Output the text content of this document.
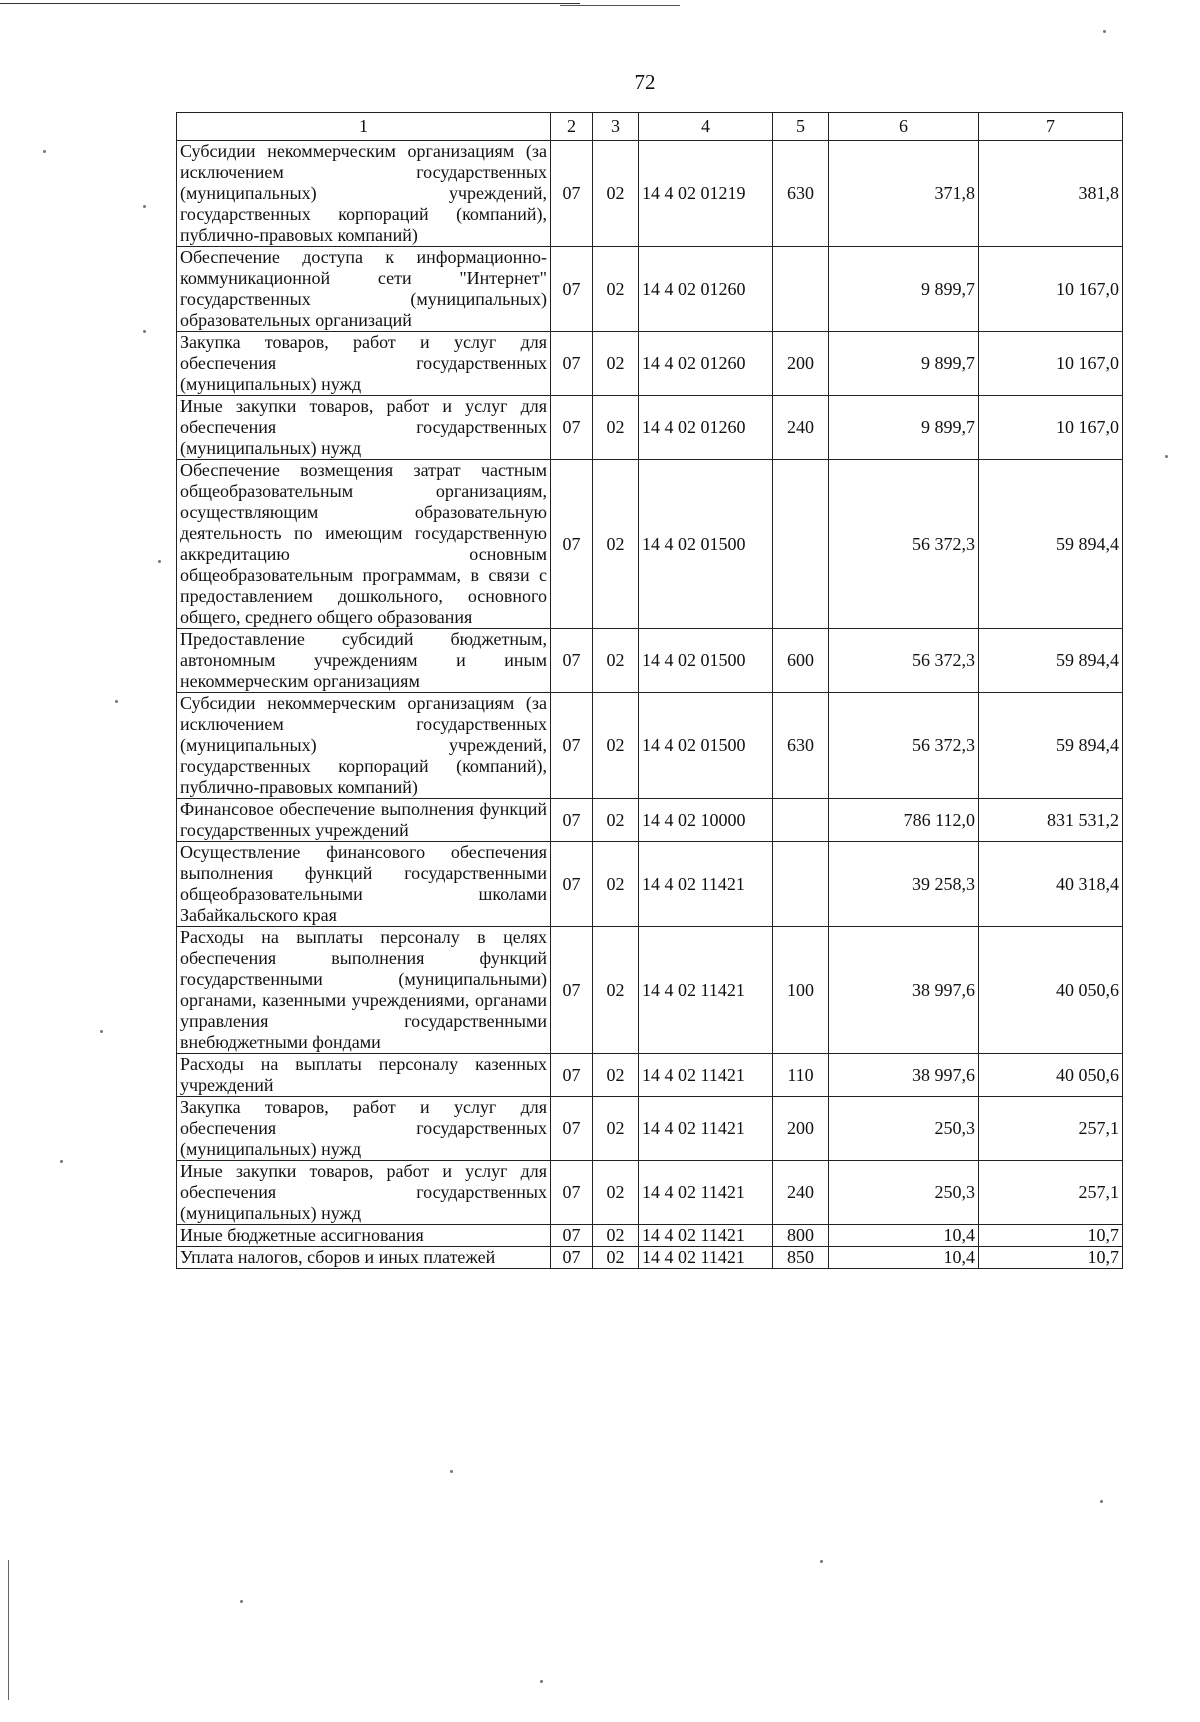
72
1	2	3	4	5	6	7
Субсидии некоммерческим организациям (за исключением государственных (муниципальных) учреждений, государственных корпораций (компаний), публично-правовых компаний)	07	02	14 4 02 01219	630	371,8	381,8
Обеспечение доступа к информационно-коммуникационной сети "Интернет" государственных (муниципальных) образовательных организаций	07	02	14 4 02 01260		9 899,7	10 167,0
Закупка товаров, работ и услуг для обеспечения государственных (муниципальных) нужд	07	02	14 4 02 01260	200	9 899,7	10 167,0
Иные закупки товаров, работ и услуг для обеспечения государственных (муниципальных) нужд	07	02	14 4 02 01260	240	9 899,7	10 167,0
Обеспечение возмещения затрат частным общеобразовательным организациям, осуществляющим образовательную деятельность по имеющим государственную аккредитацию основным общеобразовательным программам, в связи с предоставлением дошкольного, основного общего, среднего общего образования	07	02	14 4 02 01500		56 372,3	59 894,4
Предоставление субсидий бюджетным, автономным учреждениям и иным некоммерческим организациям	07	02	14 4 02 01500	600	56 372,3	59 894,4
Субсидии некоммерческим организациям (за исключением государственных (муниципальных) учреждений, государственных корпораций (компаний), публично-правовых компаний)	07	02	14 4 02 01500	630	56 372,3	59 894,4
Финансовое обеспечение выполнения функций государственных учреждений	07	02	14 4 02 10000		786 112,0	831 531,2
Осуществление финансового обеспечения выполнения функций государственными общеобразовательными школами Забайкальского края	07	02	14 4 02 11421		39 258,3	40 318,4
Расходы на выплаты персоналу в целях обеспечения выполнения функций государственными (муниципальными) органами, казенными учреждениями, органами управления государственными внебюджетными фондами	07	02	14 4 02 11421	100	38 997,6	40 050,6
Расходы на выплаты персоналу казенных учреждений	07	02	14 4 02 11421	110	38 997,6	40 050,6
Закупка товаров, работ и услуг для обеспечения государственных (муниципальных) нужд	07	02	14 4 02 11421	200	250,3	257,1
Иные закупки товаров, работ и услуг для обеспечения государственных (муниципальных) нужд	07	02	14 4 02 11421	240	250,3	257,1
Иные бюджетные ассигнования	07	02	14 4 02 11421	800	10,4	10,7
Уплата налогов, сборов и иных платежей	07	02	14 4 02 11421	850	10,4	10,7
